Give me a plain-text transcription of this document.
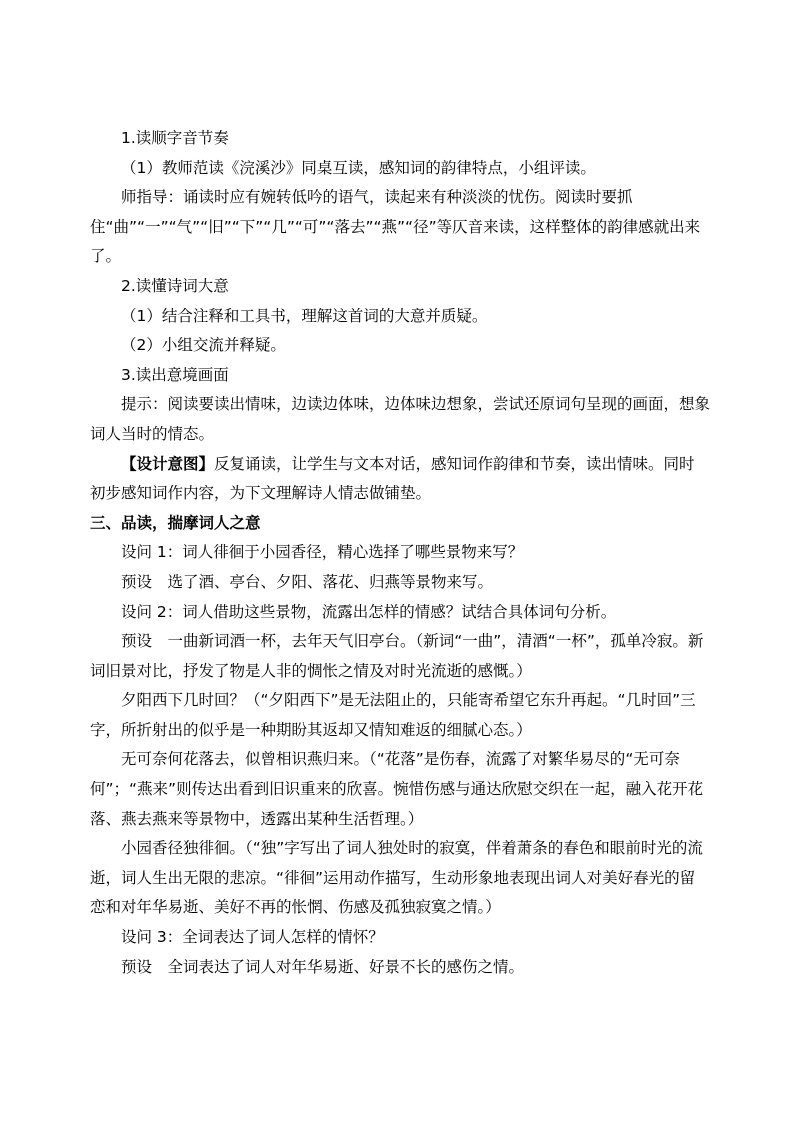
1.读顺字音节奏

（1）教师范读《浣溪沙》同桌互读，感知词的韵律特点，小组评读。

师指导：诵读时应有婉转低吟的语气，读起来有种淡淡的忧伤。阅读时要抓住“曲”“一”“气”“旧”“下”“几”“可”“落去”“燕”“径”等仄音来读，这样整体的韵律感就出来了。

2.读懂诗词大意

（1）结合注释和工具书，理解这首词的大意并质疑。

（2）小组交流并释疑。

3.读出意境画面

提示：阅读要读出情味，边读边体味，边体味边想象，尝试还原词句呈现的画面，想象词人当时的情态。

【设计意图】反复诵读，让学生与文本对话，感知词作韵律和节奏，读出情味。同时初步感知词作内容，为下文理解诗人情志做铺垫。

三、品读，揣摩词人之意

设问 1：词人徘徊于小园香径，精心选择了哪些景物来写？

预设　选了酒、亭台、夕阳、落花、归燕等景物来写。

设问 2：词人借助这些景物，流露出怎样的情感？试结合具体词句分析。

预设　一曲新词酒一杯，去年天气旧亭台。（新词“一曲”，清酒“一杯”，孤单冷寂。新词旧景对比，抒发了物是人非的惆怅之情及对时光流逝的感慨。）

夕阳西下几时回？（“夕阳西下”是无法阻止的，只能寄希望它东升再起。“几时回”三字，所折射出的似乎是一种期盼其返却又情知难返的细腻心态。）

无可奈何花落去，似曾相识燕归来。（“花落”是伤春，流露了对繁华易尽的“无可奈何”；“燕来”则传达出看到旧识重来的欣喜。惋惜伤感与通达欣慰交织在一起，融入花开花落、燕去燕来等景物中，透露出某种生活哲理。）

小园香径独徘徊。（“独”字写出了词人独处时的寂寞，伴着萧条的春色和眼前时光的流逝，词人生出无限的悲凉。“徘徊”运用动作描写，生动形象地表现出词人对美好春光的留恋和对年华易逝、美好不再的怅惘、伤感及孤独寂寞之情。）

设问 3：全词表达了词人怎样的情怀？

预设　全词表达了词人对年华易逝、好景不长的感伤之情。
